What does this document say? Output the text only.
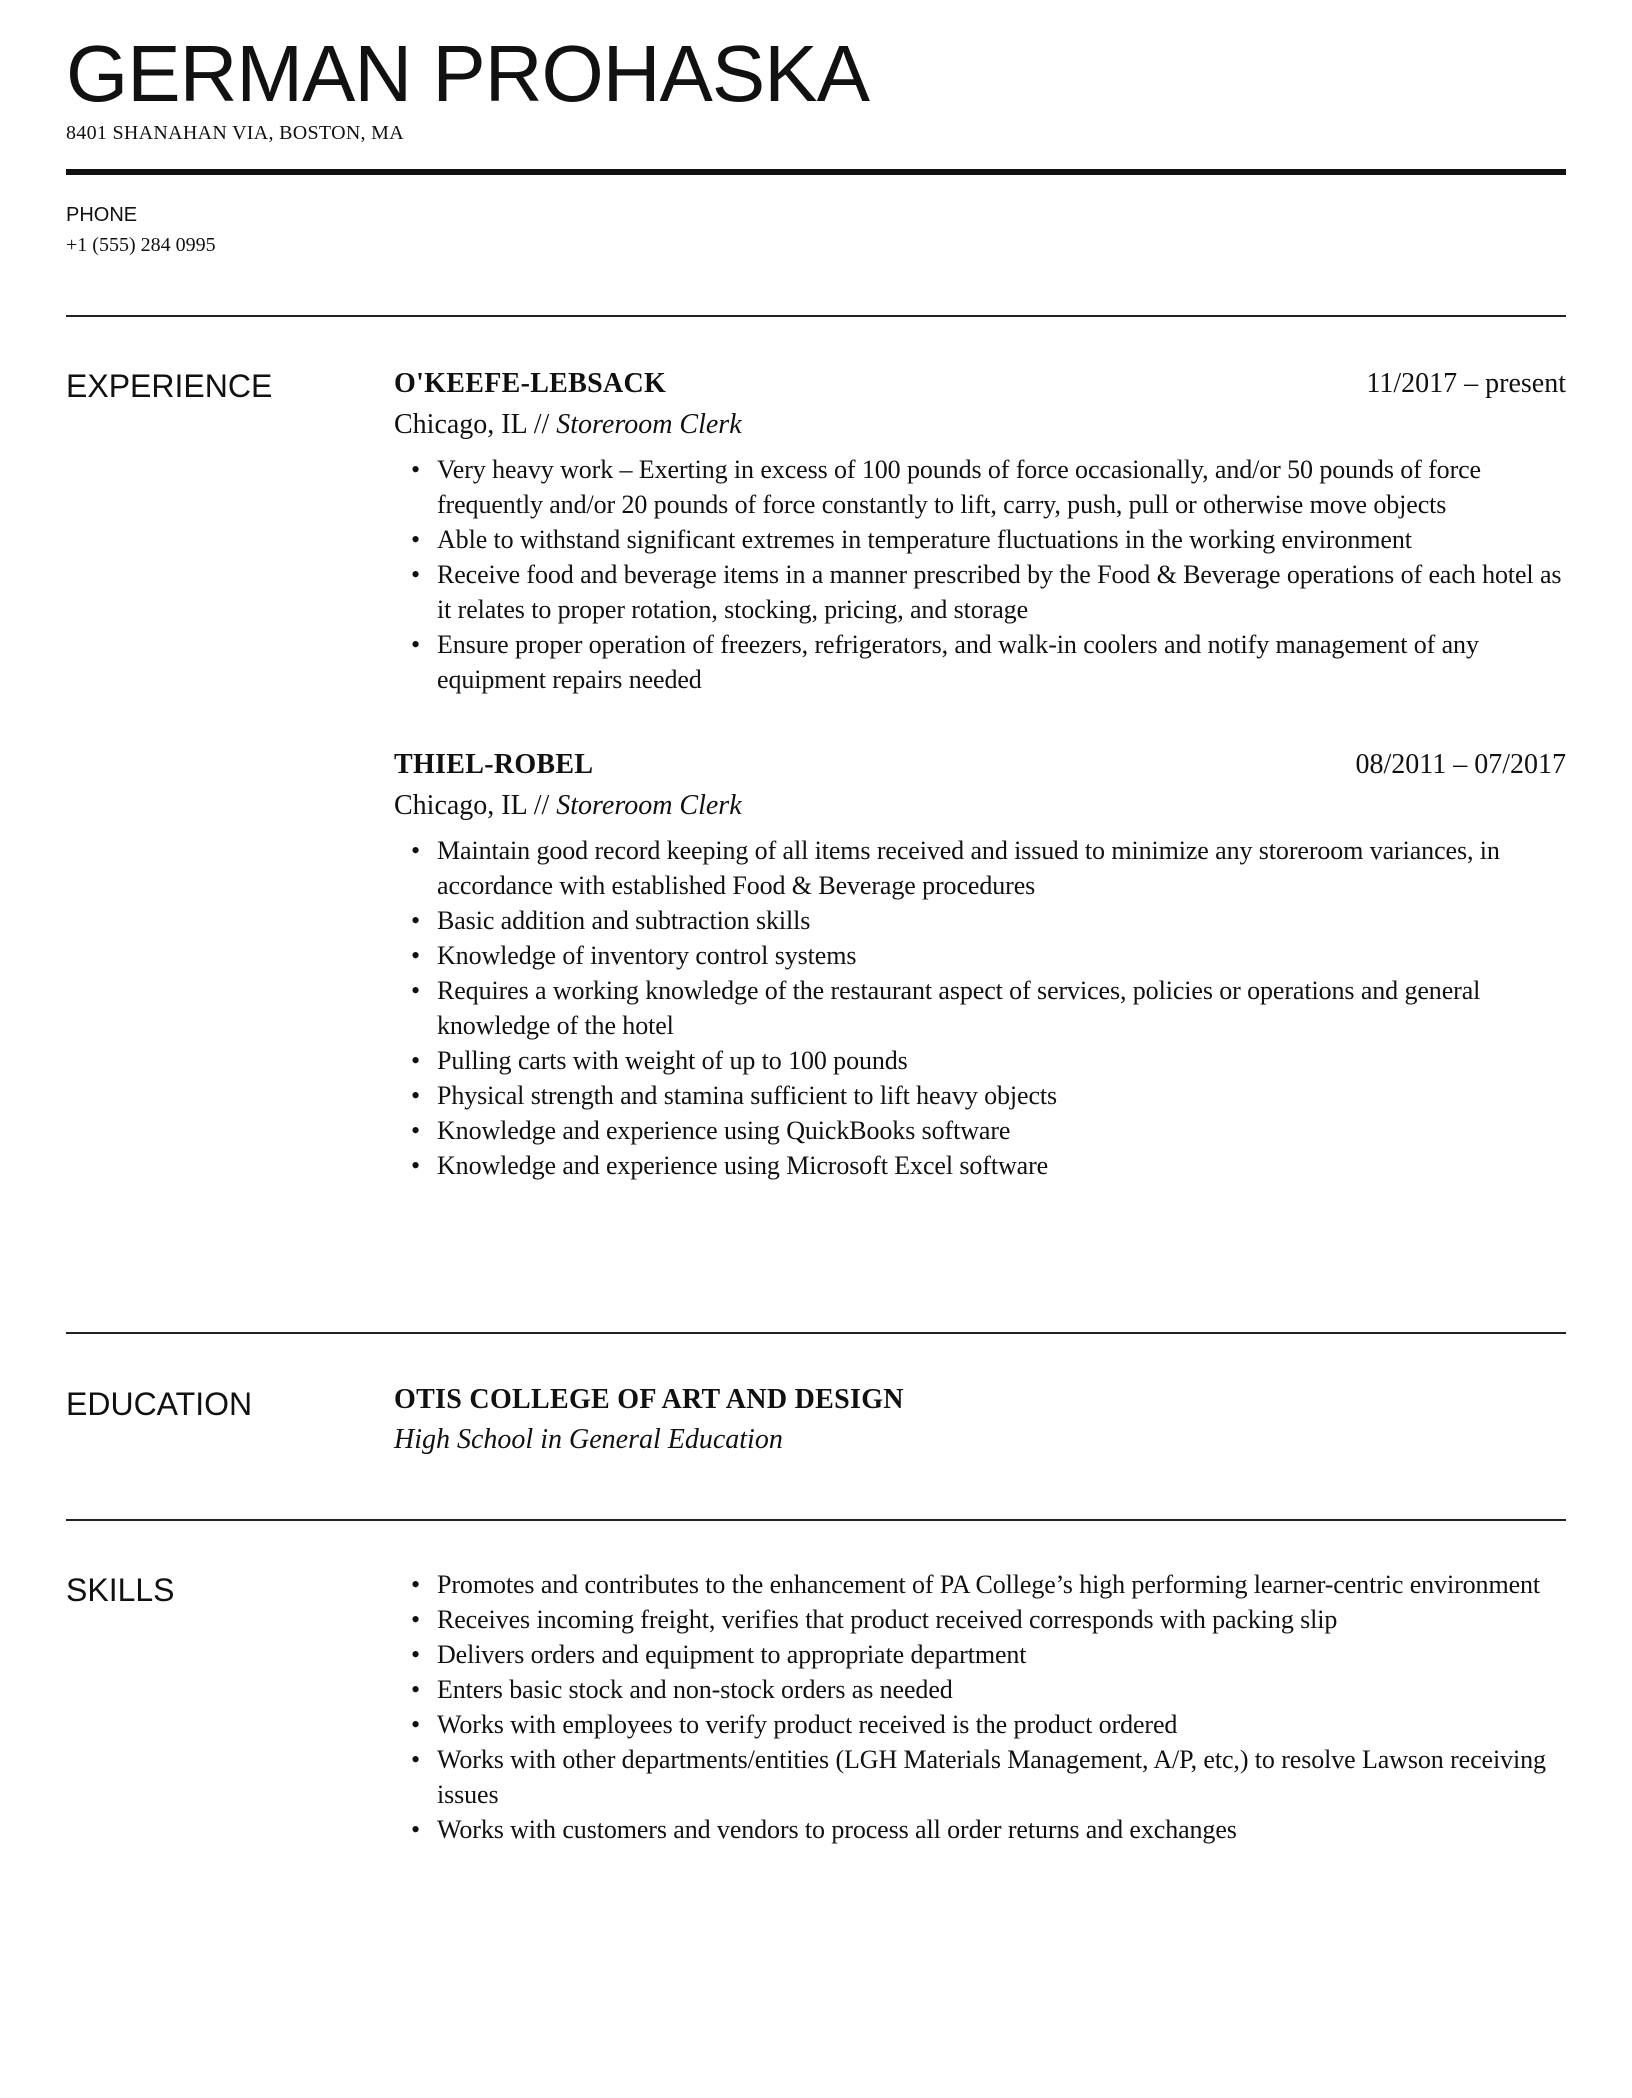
GERMAN PROHASKA
8401 SHANAHAN VIA, BOSTON, MA
PHONE
+1 (555) 284 0995
EXPERIENCE	O'KEEFE-LEBSACK	11/2017 – present
Chicago, IL // Storeroom Clerk
• Very heavy work – Exerting in excess of 100 pounds of force occasionally, and/or 50 pounds of force frequently and/or 20 pounds of force constantly to lift, carry, push, pull or otherwise move objects
• Able to withstand significant extremes in temperature fluctuations in the working environment
• Receive food and beverage items in a manner prescribed by the Food & Beverage operations of each hotel as it relates to proper rotation, stocking, pricing, and storage
• Ensure proper operation of freezers, refrigerators, and walk-in coolers and notify management of any equipment repairs needed
THIEL-ROBEL	08/2011 – 07/2017
Chicago, IL // Storeroom Clerk
• Maintain good record keeping of all items received and issued to minimize any storeroom variances, in accordance with established Food & Beverage procedures
• Basic addition and subtraction skills
• Knowledge of inventory control systems
• Requires a working knowledge of the restaurant aspect of services, policies or operations and general knowledge of the hotel
• Pulling carts with weight of up to 100 pounds
• Physical strength and stamina sufficient to lift heavy objects
• Knowledge and experience using QuickBooks software
• Knowledge and experience using Microsoft Excel software
EDUCATION	OTIS COLLEGE OF ART AND DESIGN
High School in General Education
SKILLS
•	Promotes and contributes to the enhancement of PA College’s high performing learner-centric environment
• Receives incoming freight, verifies that product received corresponds with packing slip
• Delivers orders and equipment to appropriate department
• Enters basic stock and non-stock orders as needed
• Works with employees to verify product received is the product ordered
• Works with other departments/entities (LGH Materials Management, A/P, etc,) to resolve Lawson receiving issues
• Works with customers and vendors to process all order returns and exchanges
